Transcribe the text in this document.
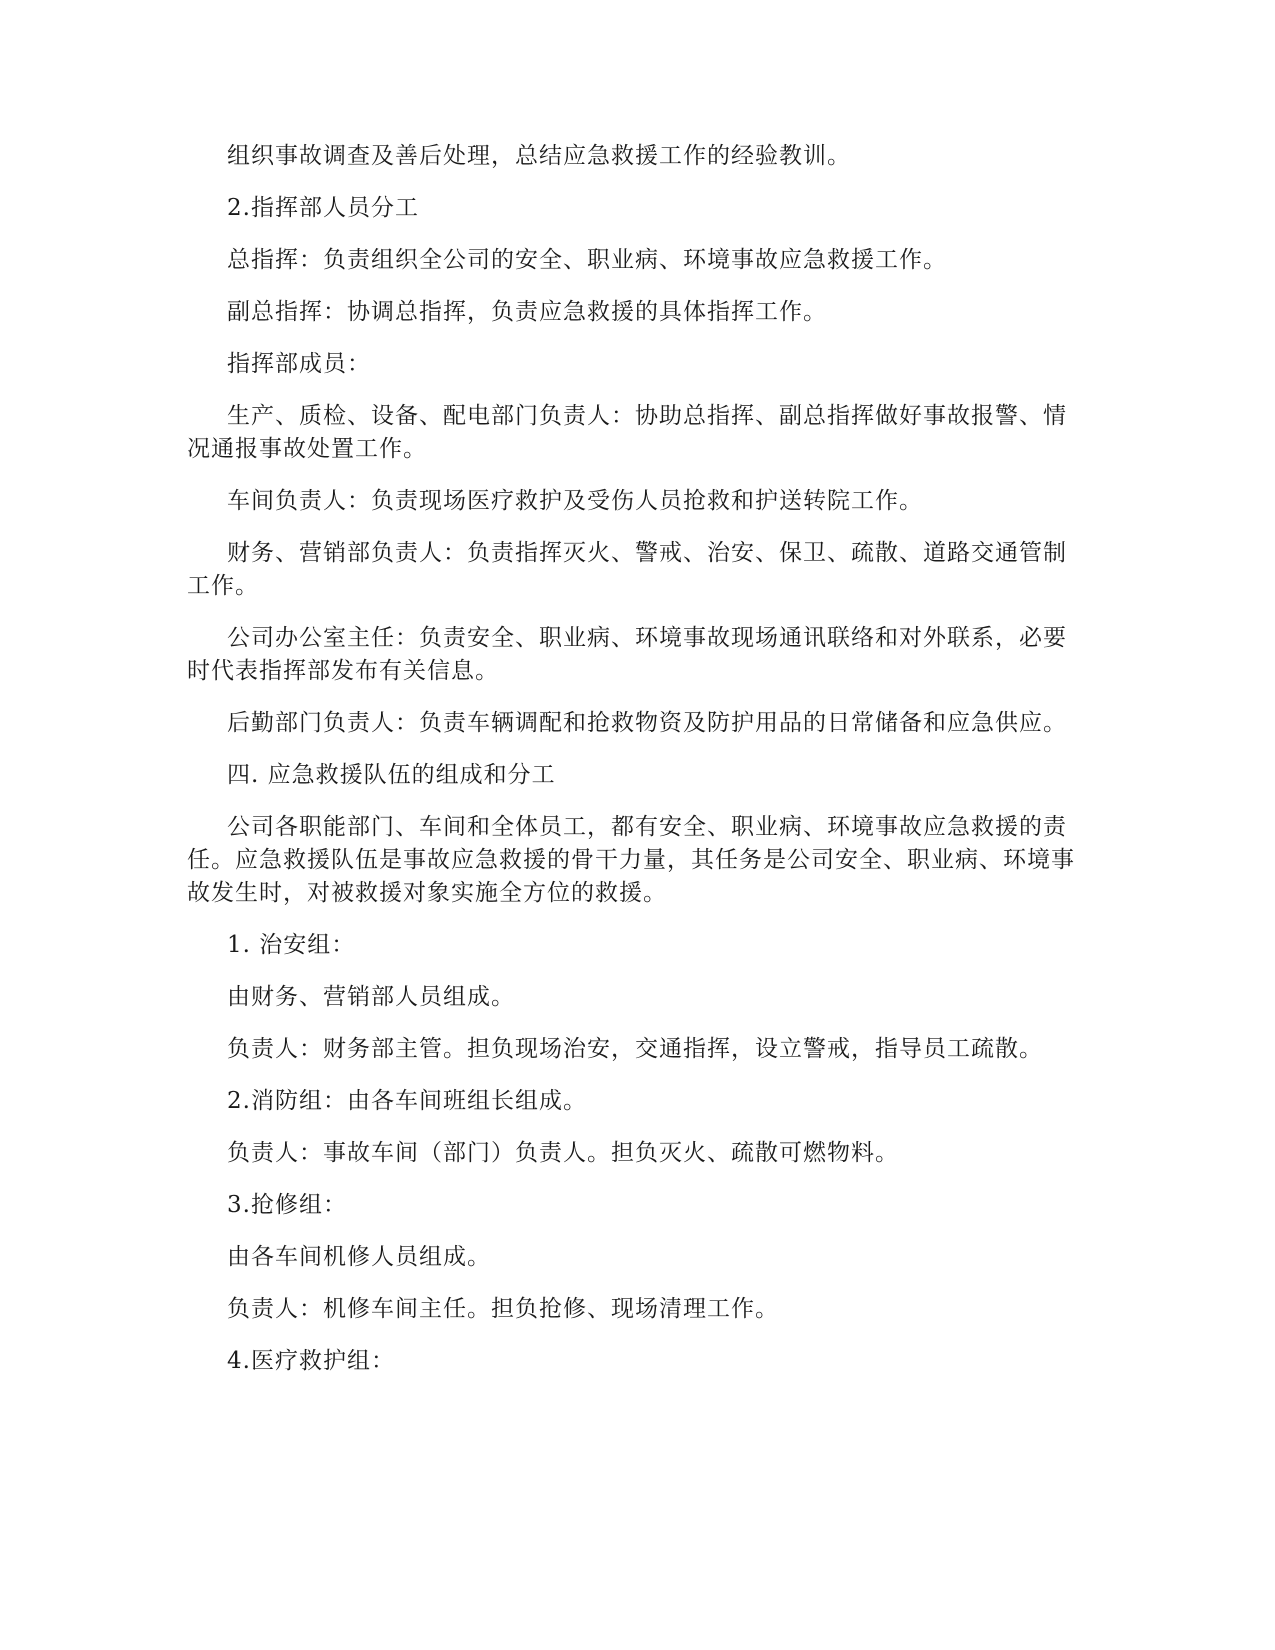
组织事故调查及善后处理，总结应急救援工作的经验教训。

2.指挥部人员分工

总指挥：负责组织全公司的安全、职业病、环境事故应急救援工作。

副总指挥：协调总指挥，负责应急救援的具体指挥工作。

指挥部成员：

生产、质检、设备、配电部门负责人：协助总指挥、副总指挥做好事故报警、情况通报事故处置工作。

车间负责人：负责现场医疗救护及受伤人员抢救和护送转院工作。

财务、营销部负责人：负责指挥灭火、警戒、治安、保卫、疏散、道路交通管制工作。

公司办公室主任：负责安全、职业病、环境事故现场通讯联络和对外联系，必要时代表指挥部发布有关信息。

后勤部门负责人：负责车辆调配和抢救物资及防护用品的日常储备和应急供应。

四. 应急救援队伍的组成和分工

公司各职能部门、车间和全体员工，都有安全、职业病、环境事故应急救援的责任。应急救援队伍是事故应急救援的骨干力量，其任务是公司安全、职业病、环境事故发生时，对被救援对象实施全方位的救援。

1. 治安组：

由财务、营销部人员组成。

负责人：财务部主管。担负现场治安，交通指挥，设立警戒，指导员工疏散。

2.消防组：由各车间班组长组成。

负责人：事故车间（部门）负责人。担负灭火、疏散可燃物料。

3.抢修组：

由各车间机修人员组成。

负责人：机修车间主任。担负抢修、现场清理工作。

4.医疗救护组：
